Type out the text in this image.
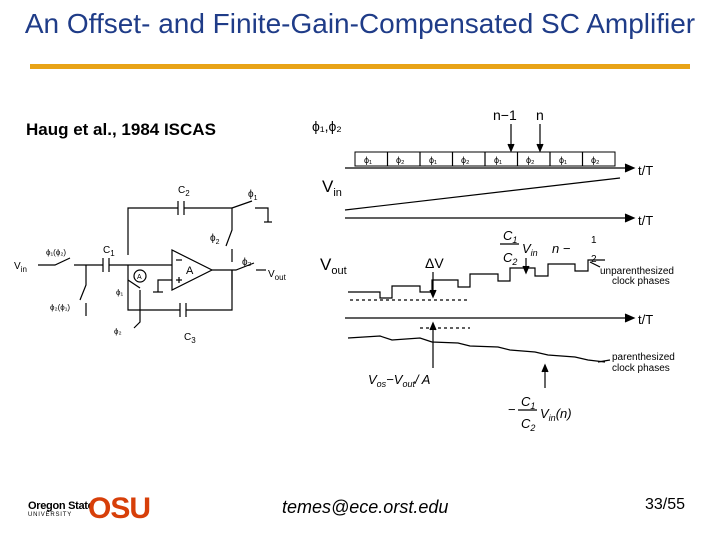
An Offset- and Finite-Gain-Compensated SC Amplifier
Haug et al., 1984 ISCAS
$C_2$	$\phi_1$
$\phi_2$
$C_1$
ϕ₁(ϕ₂)
$V_{in}$	A
A
ϕ₂
$V_{out}$
ϕ₁
ϕ₂(ϕ₁)
ϕ₂
$C_3$
ϕ₁,ϕ₂
n−1 n
ϕ₁	ϕ₂	ϕ₁	ϕ₂	ϕ₁	ϕ₂	ϕ₁	ϕ₂
t/T
t/T
t/T
$V_{in}$
$V_{out}$	ΔV
$C_1$
$C_2$
$V_{in}$ n −
1
2
unparenthesized
clock phases
parenthesized
clock phases
$V_{os}-V_{out}/$ A
−
$C_1$
$C_2$
$V_{in}(n)$
Oregon State
UNIVERSITY OSU	temes@ece.orst.edu	33/55
